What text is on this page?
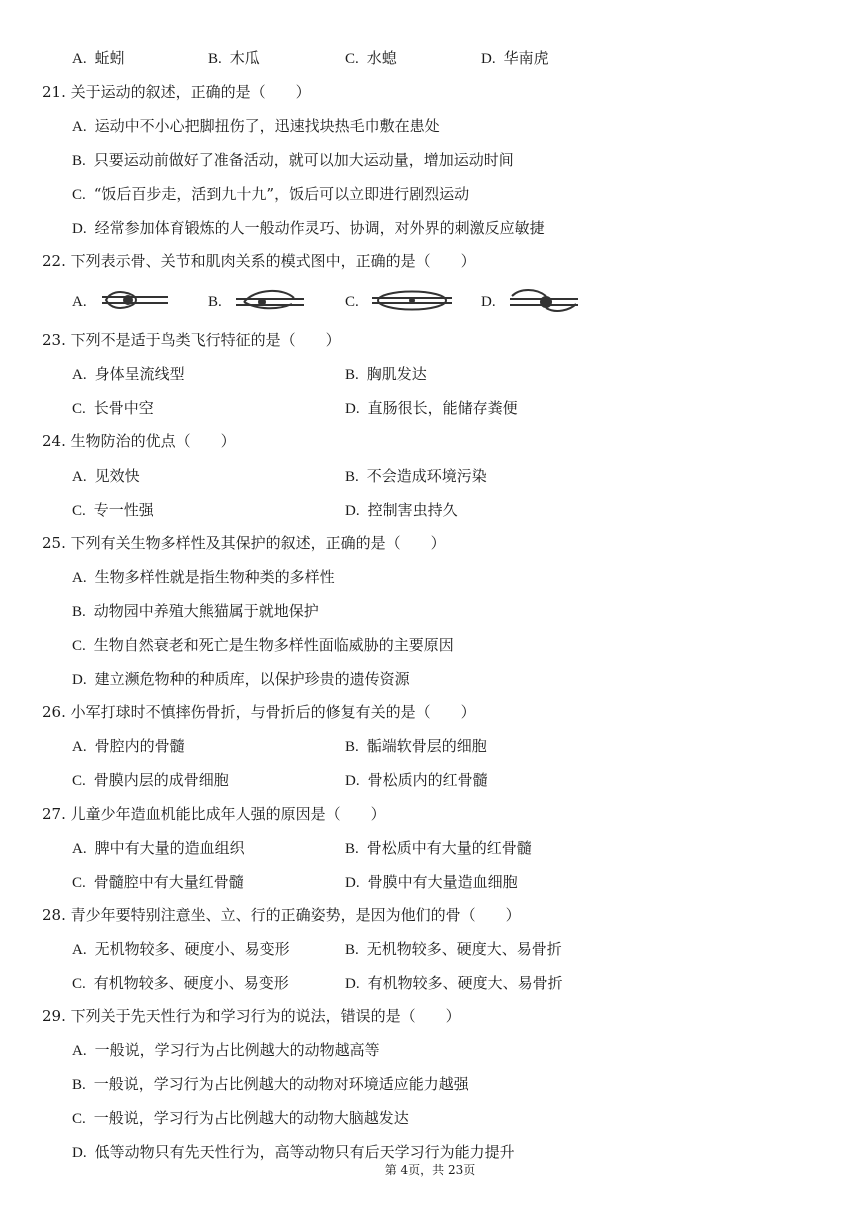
A. 蚯蚓	B. 木瓜	C. 水螅	D. 华南虎
21. 关于运动的叙述，正确的是（　　）
A. 运动中不小心把脚扭伤了，迅速找块热毛巾敷在患处
B. 只要运动前做好了准备活动，就可以加大运动量，增加运动时间
C. “饭后百步走，活到九十九”，饭后可以立即进行剧烈运动
D. 经常参加体育锻炼的人一般动作灵巧、协调，对外界的刺激反应敏捷
22. 下列表示骨、关节和肌肉关系的模式图中，正确的是（　　）
A.	B.	C.	D.
23. 下列不是适于鸟类飞行特征的是（　　）
A. 身体呈流线型	B. 胸肌发达
C. 长骨中空	D. 直肠很长，能储存粪便
24. 生物防治的优点（　　）
A. 见效快	B. 不会造成环境污染
C. 专一性强	D. 控制害虫持久
25. 下列有关生物多样性及其保护的叙述，正确的是（　　）
A. 生物多样性就是指生物种类的多样性
B. 动物园中养殖大熊猫属于就地保护
C. 生物自然衰老和死亡是生物多样性面临威胁的主要原因
D. 建立濒危物种的种质库，以保护珍贵的遗传资源
26. 小军打球时不慎摔伤骨折，与骨折后的修复有关的是（　　）
A. 骨腔内的骨髓	B. 骺端软骨层的细胞
C. 骨膜内层的成骨细胞	D. 骨松质内的红骨髓
27. 儿童少年造血机能比成年人强的原因是（　　）
A. 脾中有大量的造血组织	B. 骨松质中有大量的红骨髓
C. 骨髓腔中有大量红骨髓	D. 骨膜中有大量造血细胞
28. 青少年要特别注意坐、立、行的正确姿势，是因为他们的骨（　　）
A. 无机物较多、硬度小、易变形	B. 无机物较多、硬度大、易骨折
C. 有机物较多、硬度小、易变形	D. 有机物较多、硬度大、易骨折
29. 下列关于先天性行为和学习行为的说法，错误的是（　　）
A. 一般说，学习行为占比例越大的动物越高等
B. 一般说，学习行为占比例越大的动物对环境适应能力越强
C. 一般说，学习行为占比例越大的动物大脑越发达
D. 低等动物只有先天性行为，高等动物只有后天学习行为能力提升
第 4页，共 23页
